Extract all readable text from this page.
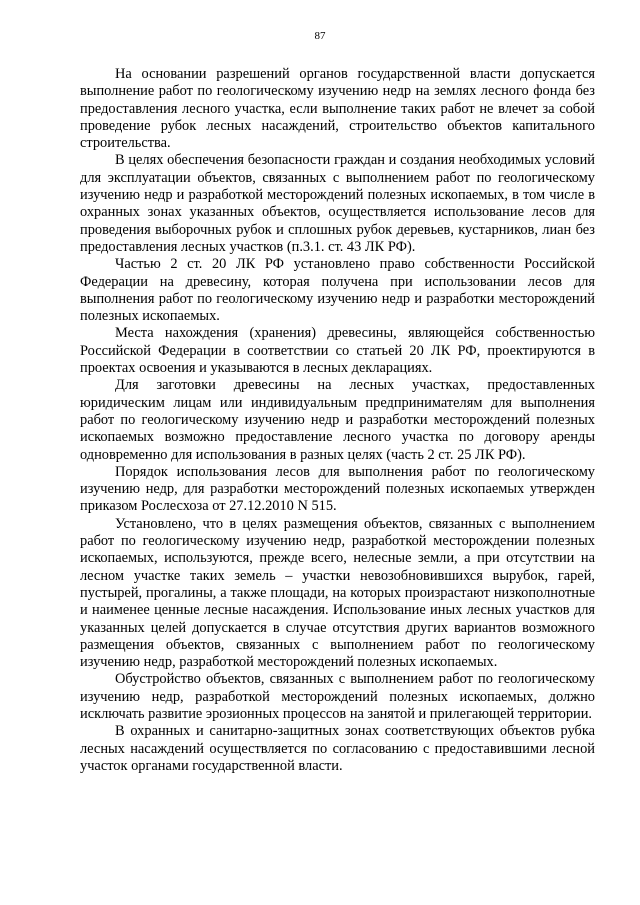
87

На основании разрешений органов государственной власти допускается выполнение работ по геологическому изучению недр на землях лесного фонда без предоставления лесного участка, если выполнение таких работ не влечет за собой проведение рубок лесных насаждений, строительство объектов капитального строительства.

В целях обеспечения безопасности граждан и создания необходимых условий для эксплуатации объектов, связанных с выполнением работ по геологическому изучению недр и разработкой месторождений полезных ископаемых, в том числе в охранных зонах указанных объектов, осуществляется использование лесов для проведения выборочных рубок и сплошных рубок деревьев, кустарников, лиан без предоставления лесных участков (п.3.1. ст. 43 ЛК РФ).

Частью 2 ст. 20 ЛК РФ установлено право собственности Российской Федерации на древесину, которая получена при использовании лесов для выполнения работ по геологическому изучению недр и разработки месторождений полезных ископаемых.

Места нахождения (хранения) древесины, являющейся собственностью Российской Федерации в соответствии со статьей 20 ЛК РФ, проектируются в проектах освоения и указываются в лесных декларациях.

Для заготовки древесины на лесных участках, предоставленных юридическим лицам или индивидуальным предпринимателям для выполнения работ по геологическому изучению недр и разработки месторождений полезных ископаемых возможно предоставление лесного участка по договору аренды одновременно для использования в разных целях (часть 2 ст. 25 ЛК РФ).

Порядок использования лесов для выполнения работ по геологическому изучению недр, для разработки месторождений полезных ископаемых утвержден приказом Рослесхоза от 27.12.2010 N 515.

Установлено, что в целях размещения объектов, связанных с выполнением работ по геологическому изучению недр, разработкой месторождении полезных ископаемых, используются, прежде всего, нелесные земли, а при отсутствии на лесном участке таких земель – участки невозобновившихся вырубок, гарей, пустырей, прогалины, а также площади, на которых произрастают низкополнотные и наименее ценные лесные насаждения. Использование иных лесных участков для указанных целей допускается в случае отсутствия других вариантов возможного размещения объектов, связанных с выполнением работ по геологическому изучению недр, разработкой месторождений полезных ископаемых.

Обустройство объектов, связанных с выполнением работ по геологическому изучению недр, разработкой месторождений полезных ископаемых, должно исключать развитие эрозионных процессов на занятой и прилегающей территории.

В охранных и санитарно-защитных зонах соответствующих объектов рубка лесных насаждений осуществляется по согласованию с предоставившими лесной участок органами государственной власти.
